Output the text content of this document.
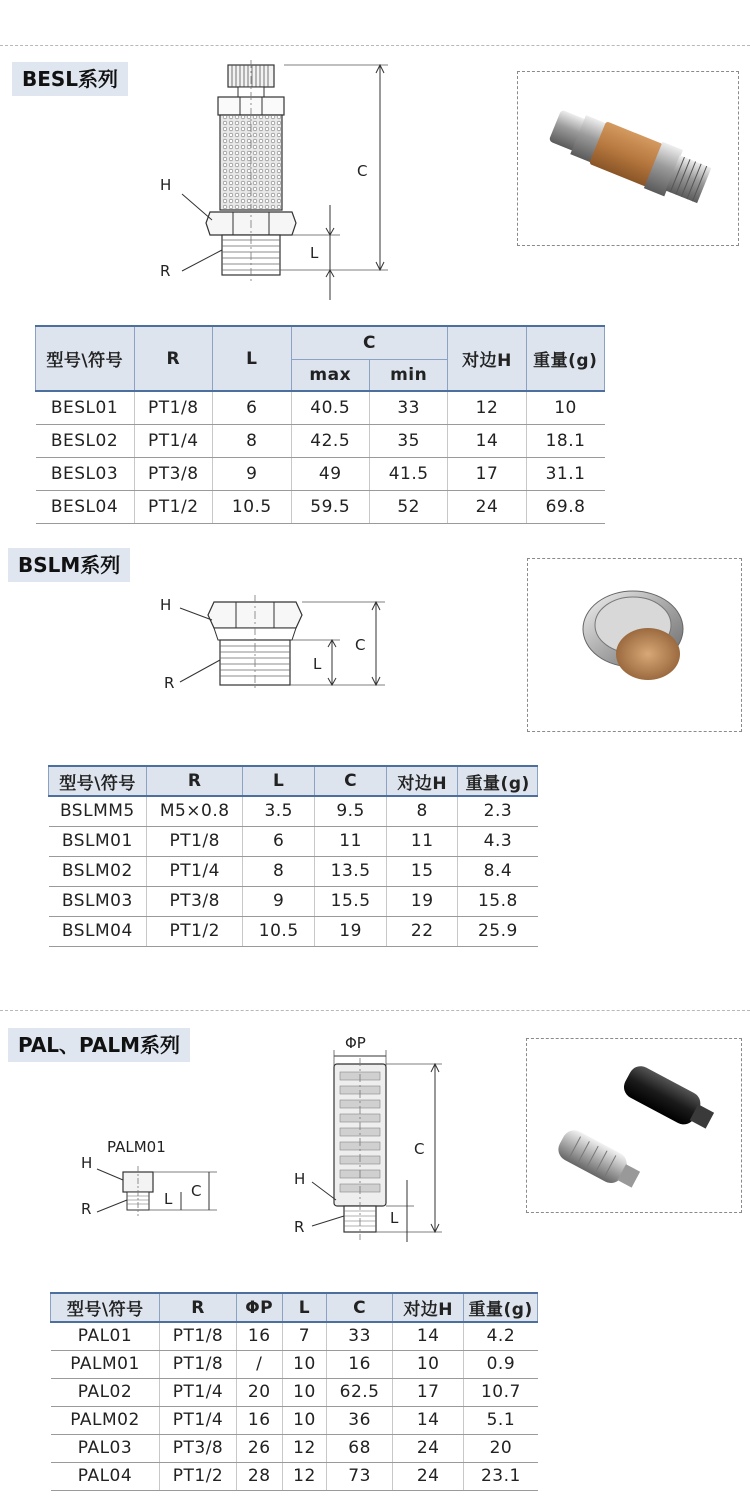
BESL系列
H
R
C
L
型号\符号	R	L	C		对边H	重量(g)
			max	min		
BESL01	PT1/8	6	40.5	33	12	10
BESL02	PT1/4	8	42.5	35	14	18.1
BESL03	PT3/8	9	49	41.5	17	31.1
BESL04	PT1/2	10.5	59.5	52	24	69.8
BSLM系列
H
R
C
L
型号\符号	R	L	C	对边H	重量(g)
BSLMM5	M5×0.8	3.5	9.5	8	2.3
BSLM01	PT1/8	6	11	11	4.3
BSLM02	PT1/4	8	13.5	15	8.4
BSLM03	PT3/8	9	15.5	19	15.8
BSLM04	PT1/2	10.5	19	22	25.9
PAL、PALM系列
PALM01
H
R
C
L
ΦP
H
R
C
L
型号\符号	R	ΦP	L	C	对边H	重量(g)
PAL01	PT1/8	16	7	33	14	4.2
PALM01	PT1/8	/	10	16	10	0.9
PAL02	PT1/4	20	10	62.5	17	10.7
PALM02	PT1/4	16	10	36	14	5.1
PAL03	PT3/8	26	12	68	24	20
PAL04	PT1/2	28	12	73	24	23.1
